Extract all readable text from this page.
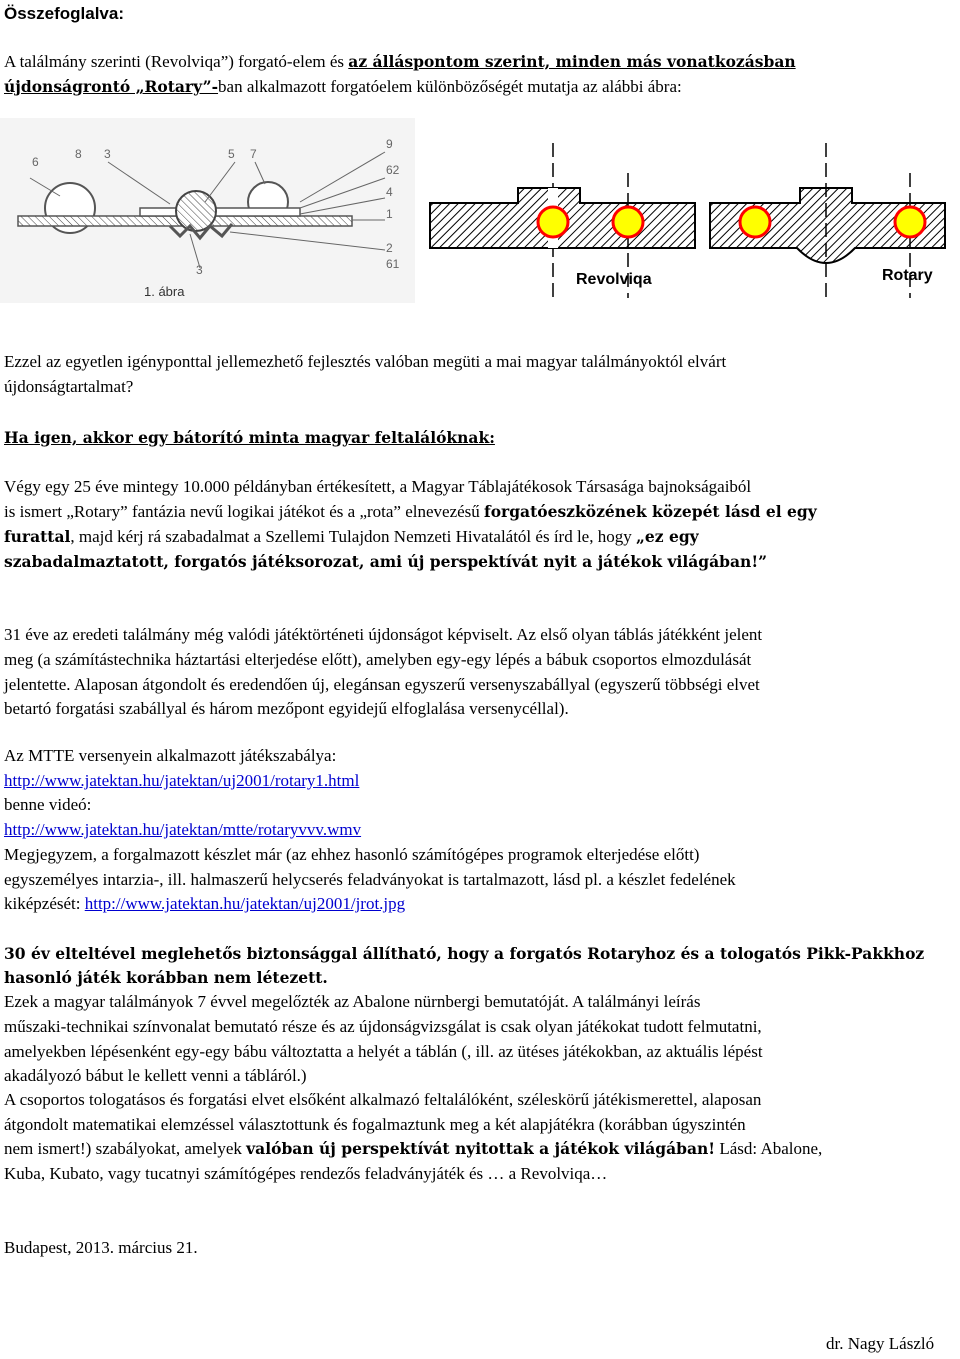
Összefoglalva:
A találmány szerinti (Revolviqa”) forgató-elem és az álláspontom szerint, minden más vonatkozásban
újdonságrontó „Rotary”-ban alkalmazott forgatóelem különbözőségét mutatja az alábbi ábra:
6
8 3	5 7
9
62
4
1
2
3	61
1. ábra
Revolviqa	Rotary
Ezzel az egyetlen igényponttal jellemezhető fejlesztés valóban megüti a mai magyar találmányoktól elvárt
újdonságtartalmat?
Ha igen, akkor egy bátorító minta magyar feltalálóknak:
Végy egy 25 éve mintegy 10.000 példányban értékesített, a Magyar Táblajátékosok Társasága bajnokságaiból
is ismert „Rotary” fantázia nevű logikai játékot és a „rota” elnevezésű forgatóeszközének közepét lásd el egy
furattal, majd kérj rá szabadalmat a Szellemi Tulajdon Nemzeti Hivatalától és írd le, hogy „ez egy
szabadalmaztatott, forgatós játéksorozat, ami új perspektívát nyit a játékok világában!”
31 éve az eredeti találmány még valódi játéktörténeti újdonságot képviselt. Az első olyan táblás játékként jelent
meg (a számítástechnika háztartási elterjedése előtt), amelyben egy-egy lépés a bábuk csoportos elmozdulását
jelentette. Alaposan átgondolt és eredendően új, elegánsan egyszerű versenyszabállyal (egyszerű többségi elvet
betartó forgatási szabállyal és három mezőpont egyidejű elfoglalása versenycéllal).
Az MTTE versenyein alkalmazott játékszabálya:
http://www.jatektan.hu/jatektan/uj2001/rotary1.html
benne videó:
http://www.jatektan.hu/jatektan/mtte/rotaryvvv.wmv
Megjegyzem, a forgalmazott készlet már (az ehhez hasonló számítógépes programok elterjedése előtt)
egyszemélyes intarzia-, ill. halmaszerű helycserés feladványokat is tartalmazott, lásd pl. a készlet fedelének
kiképzését: http://www.jatektan.hu/jatektan/uj2001/jrot.jpg
30 év elteltével meglehetős biztonsággal állítható, hogy a forgatós Rotaryhoz és a tologatós Pikk-Pakkhoz
hasonló játék korábban nem létezett.
Ezek a magyar találmányok 7 évvel megelőzték az Abalone nürnbergi bemutatóját. A találmányi leírás
műszaki-technikai színvonalat bemutató része és az újdonságvizsgálat is csak olyan játékokat tudott felmutatni,
amelyekben lépésenként egy-egy bábu változtatta a helyét a táblán (, ill. az ütéses játékokban, az aktuális lépést
akadályozó bábut le kellett venni a tábláról.)
A csoportos tologatásos és forgatási elvet elsőként alkalmazó feltalálóként, széleskörű játékismerettel, alaposan
átgondolt matematikai elemzéssel választottunk és fogalmaztunk meg a két alapjátékra (korábban úgyszintén
nem ismert!) szabályokat, amelyek valóban új perspektívát nyitottak a játékok világában! Lásd: Abalone,
Kuba, Kubato, vagy tucatnyi számítógépes rendezős feladványjáték és … a Revolviqa…
Budapest, 2013. március 21.
dr. Nagy László
